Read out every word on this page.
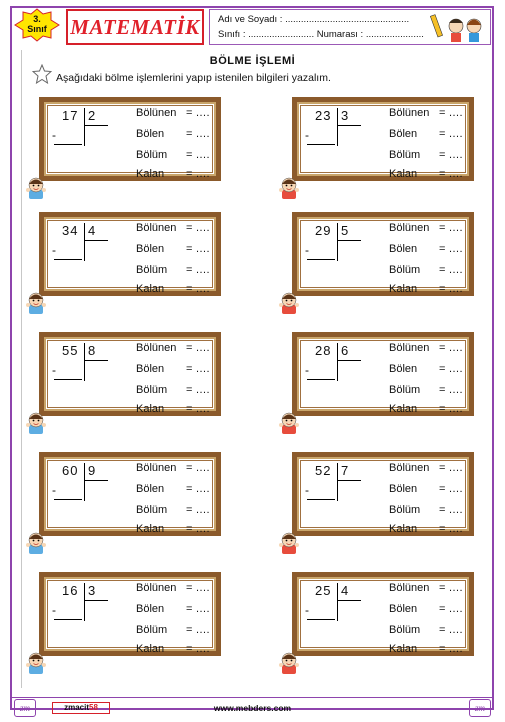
3.
Sınıf	MATEMATİK Adı ve Soyadı : ...............................................
Sınıfı : ......................... Numarası : ......................
BÖLME İŞLEMİ
Aşağıdaki bölme işlemlerini yapıp istenilen bilgileri yazalım.
17 2
-
Bölünen = ….
Bölen = ….
Bölüm = ….
Kalan = ….
23 3
-
Bölünen = ….
Bölen = ….
Bölüm = ….
Kalan = ….
34 4
-
Bölünen = ….
Bölen = ….
Bölüm = ….
Kalan = ….
29 5
-
Bölünen = ….
Bölen = ….
Bölüm = ….
Kalan = ….
55 8
-
Bölünen = ….
Bölen = ….
Bölüm = ….
Kalan = ….
28 6
-
Bölünen = ….
Bölen = ….
Bölüm = ….
Kalan = ….
60 9
-
Bölünen = ….
Bölen = ….
Bölüm = ….
Kalan = ….
52 7
-
Bölünen = ….
Bölen = ….
Bölüm = ….
Kalan = ….
16 3
-
Bölünen = ….
Bölen = ….
Bölüm = ….
Kalan = ….
25 4
-
Bölünen = ….
Bölen = ….
Bölüm = ….
Kalan = ….
zm	zmacit58	www.mebders.com	zm
